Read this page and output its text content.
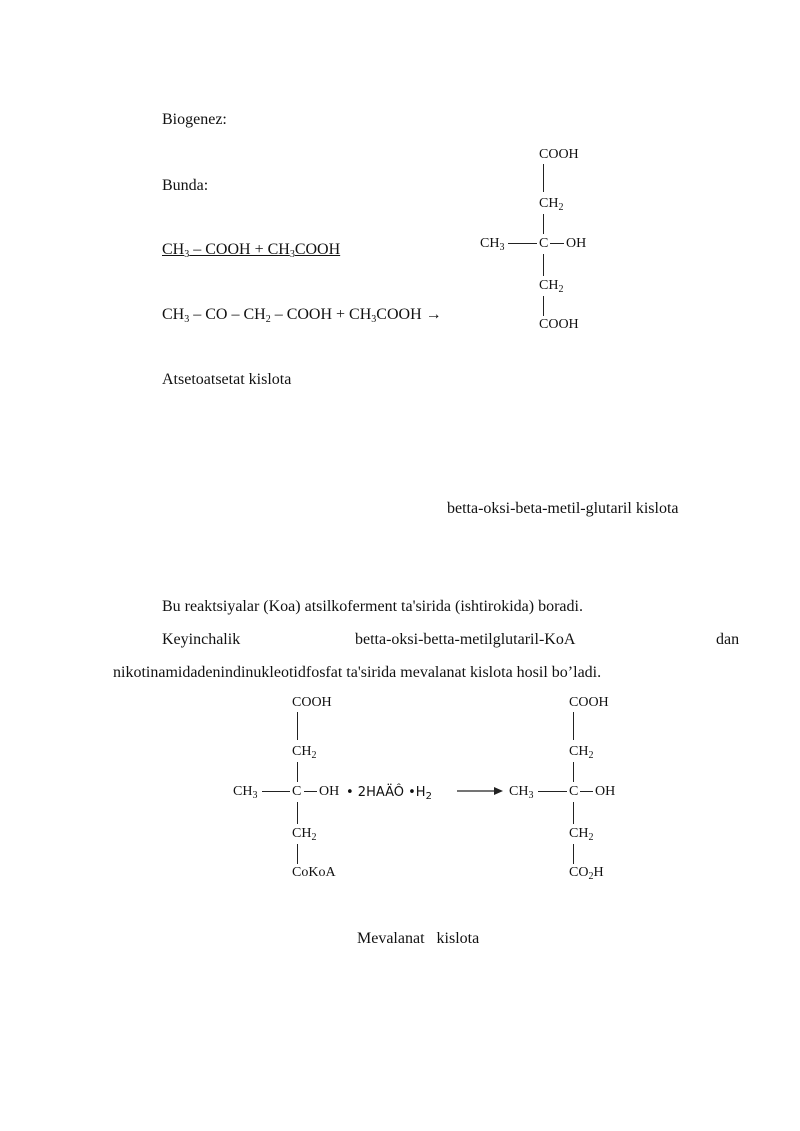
Biogenez:
Bunda:
$CH_3$ – COOH + $CH_3COOH$
$CH_3$ – CO – $CH_2$ – COOH + $CH_3COOH$ →
Atsetoatsetat kislota
COOH
$CH_2$
$CH_3$ C OH
$CH_2$
COOH
betta-oksi-beta-metil-glutaril kislota
Bu reaktsiyalar (Koa) atsilkoferment ta'sirida (ishtirokida) boradi.
Keyinchalik	betta-oksi-betta-metilglutaril-KoA	dan
nikotinamidadenindinukleotidfosfat ta'sirida mevalanat kislota hosil bo’ladi.
COOH
$CH_2$
$CH_3$ C OH
$CH_2$
CoKoA
• 2HAÄÔ $•H_2$
COOH
$CH_2$
$CH_3$	C OH
$CH_2$
$CO_2H$
Mevalanat   kislota
